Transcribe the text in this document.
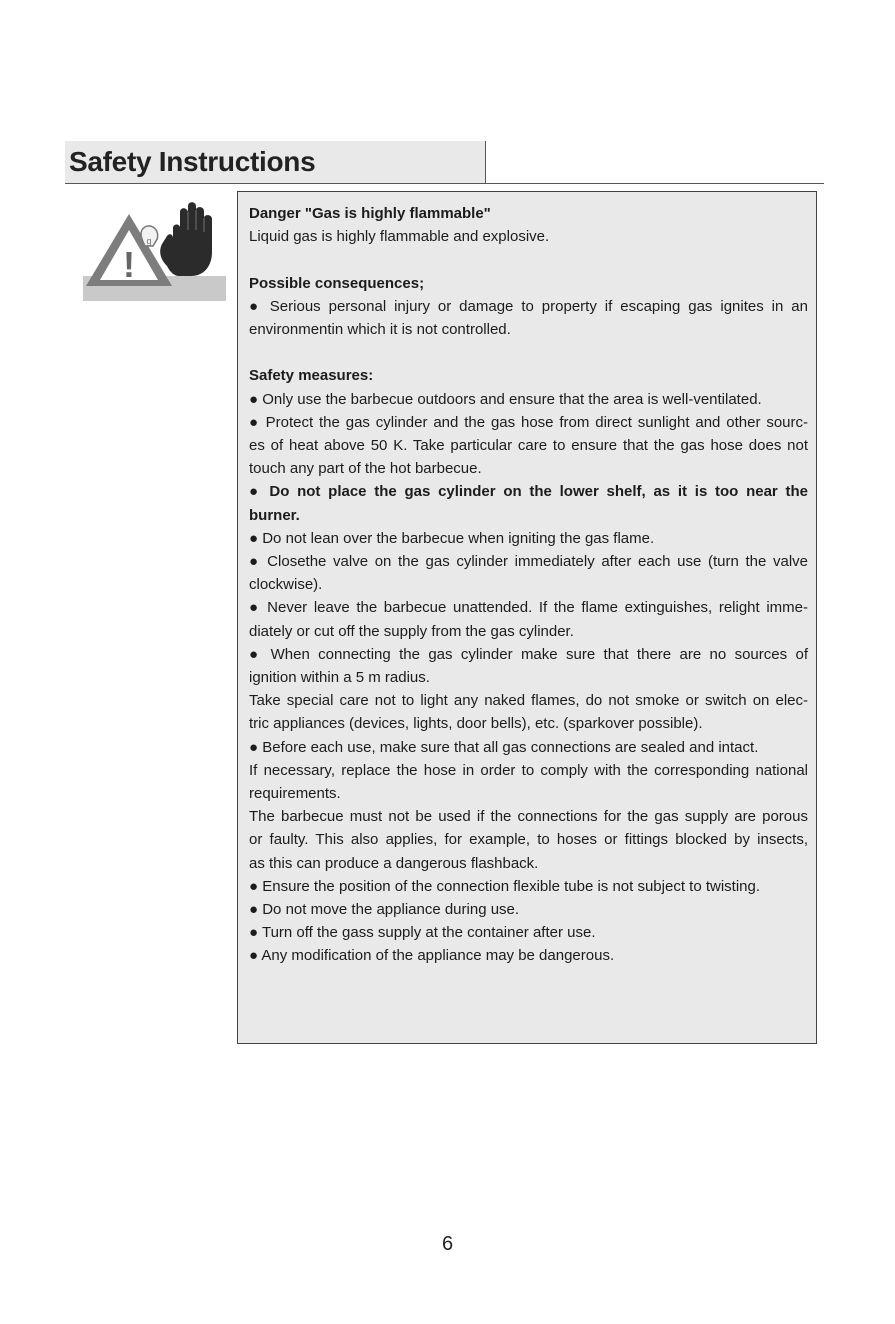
Safety Instructions
!
g

Danger "Gas is highly flammable"

Liquid gas is highly flammable and explosive.

Possible consequences;

● Serious personal injury or damage to property if escaping gas ignites in an

environmentin which it is not controlled.

Safety measures:

● Only use the barbecue outdoors and ensure that the area is well-ventilated.

● Protect the gas cylinder and the gas hose from direct sunlight and other sourc-

es of heat above 50 K. Take particular care to ensure that the gas hose does not

touch any part of the hot barbecue.

● Do not place the gas cylinder on the lower shelf, as it is too near the

burner.

● Do not lean over the barbecue when igniting the gas flame.

● Closethe valve on the gas cylinder immediately after each use (turn the valve

clockwise).

● Never leave the barbecue unattended. If the flame extinguishes, relight imme-

diately or cut off the supply from the gas cylinder.

● When connecting the gas cylinder make sure that there are no sources of

ignition within a 5 m radius.

Take special care not to light any naked flames, do not smoke or switch on elec-

tric appliances (devices, lights, door bells), etc. (sparkover possible).

● Before each use, make sure that all gas connections are sealed and intact.

If necessary, replace the hose in order to comply with the corresponding national

requirements.

The barbecue must not be used if the connections for the gas supply are porous

or faulty. This also applies, for example, to hoses or fittings blocked by insects,

as this can produce a dangerous flashback.

● Ensure the position of the connection flexible tube is not subject to twisting.

● Do not move the appliance during use.

● Turn off the gass supply at the container after use.

● Any modification of the appliance may be dangerous.

6
